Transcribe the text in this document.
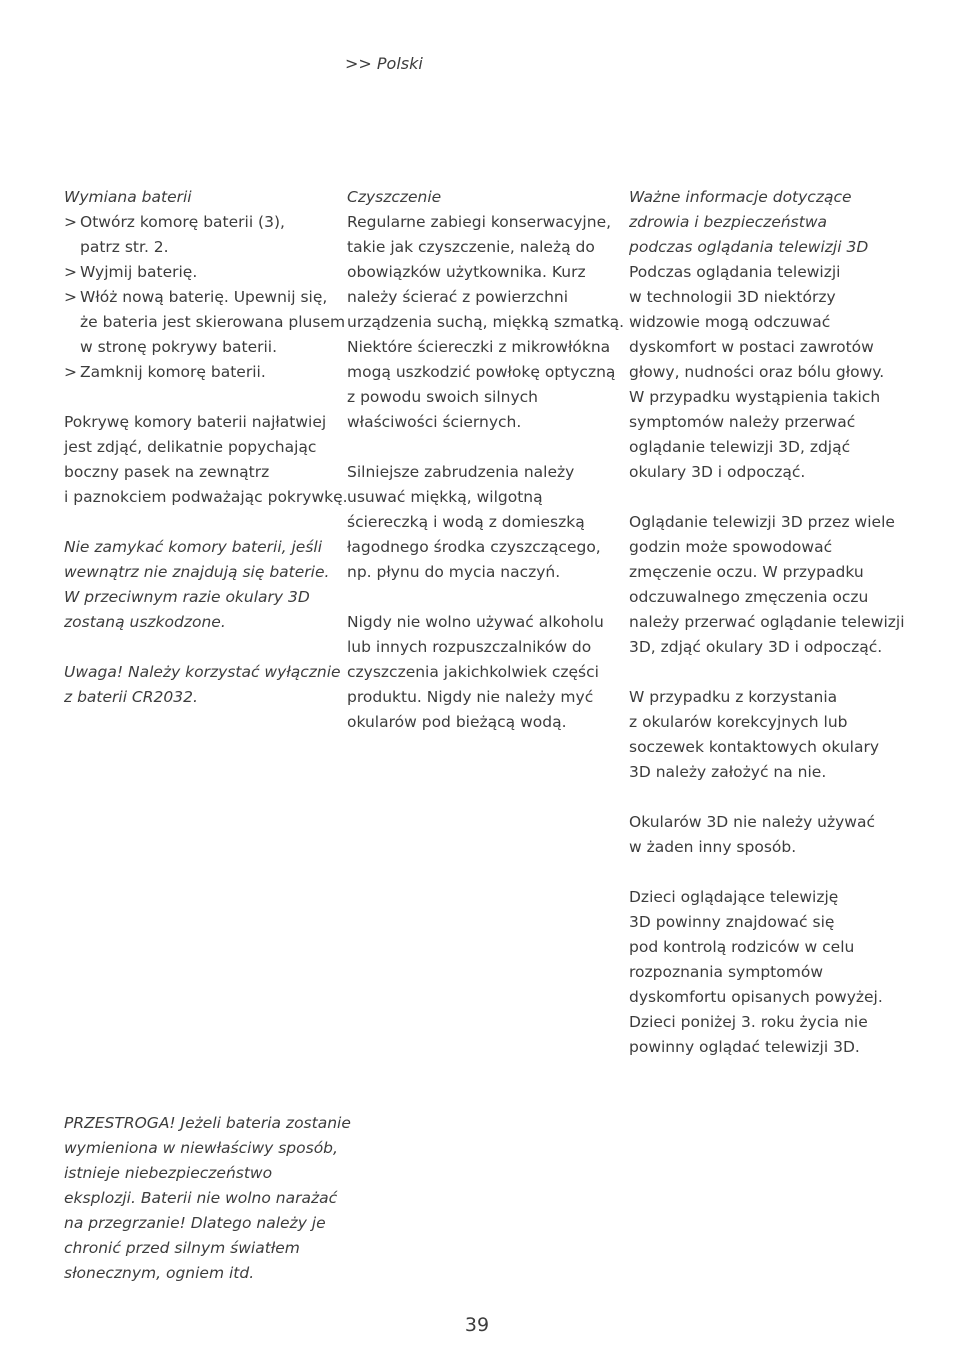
>> Polski

Wymiana baterii

> Otwórz komorę baterii (3),
patrz str. 2.
> Wyjmij baterię.
> Włóż nową baterię. Upewnij się,
że bateria jest skierowana plusem
w stronę pokrywy baterii.
> Zamknij komorę baterii.

Pokrywę komory baterii najłatwiej
jest zdjąć, delikatnie popychając
boczny pasek na zewnątrz
i paznokciem podważając pokrywkę.

Nie zamykać komory baterii, jeśli
wewnątrz nie znajdują się baterie.
W przeciwnym razie okulary 3D
zostaną uszkodzone.

Uwaga! Należy korzystać wyłącznie
z baterii CR2032.

Czyszczenie

Regularne zabiegi konserwacyjne,
takie jak czyszczenie, należą do
obowiązków użytkownika. Kurz
należy ścierać z powierzchni
urządzenia suchą, miękką szmatką.
Niektóre ściereczki z mikrowłókna
mogą uszkodzić powłokę optyczną
z powodu swoich silnych
właściwości ściernych.

Silniejsze zabrudzenia należy
usuwać miękką, wilgotną
ściereczką i wodą z domieszką
łagodnego środka czyszczącego,
np. płynu do mycia naczyń.

Nigdy nie wolno używać alkoholu
lub innych rozpuszczalników do
czyszczenia jakichkolwiek części
produktu. Nigdy nie należy myć
okularów pod bieżącą wodą.

Ważne informacje dotyczące
zdrowia i bezpieczeństwa
podczas oglądania telewizji 3D

Podczas oglądania telewizji
w technologii 3D niektórzy
widzowie mogą odczuwać
dyskomfort w postaci zawrotów
głowy, nudności oraz bólu głowy.
W przypadku wystąpienia takich
symptomów należy przerwać
oglądanie telewizji 3D, zdjąć
okulary 3D i odpocząć.

Oglądanie telewizji 3D przez wiele
godzin może spowodować
zmęczenie oczu. W przypadku
odczuwalnego zmęczenia oczu
należy przerwać oglądanie telewizji
3D, zdjąć okulary 3D i odpocząć.

W przypadku z korzystania
z okularów korekcyjnych lub
soczewek kontaktowych okulary
3D należy założyć na nie.

Okularów 3D nie należy używać
w żaden inny sposób.

Dzieci oglądające telewizję
3D powinny znajdować się
pod kontrolą rodziców w celu
rozpoznania symptomów
dyskomfortu opisanych powyżej.
Dzieci poniżej 3. roku życia nie
powinny oglądać telewizji 3D.

PRZESTROGA! Jeżeli bateria zostanie
wymieniona w niewłaściwy sposób,
istnieje niebezpieczeństwo
eksplozji. Baterii nie wolno narażać
na przegrzanie! Dlatego należy je
chronić przed silnym światłem
słonecznym, ogniem itd.

39
